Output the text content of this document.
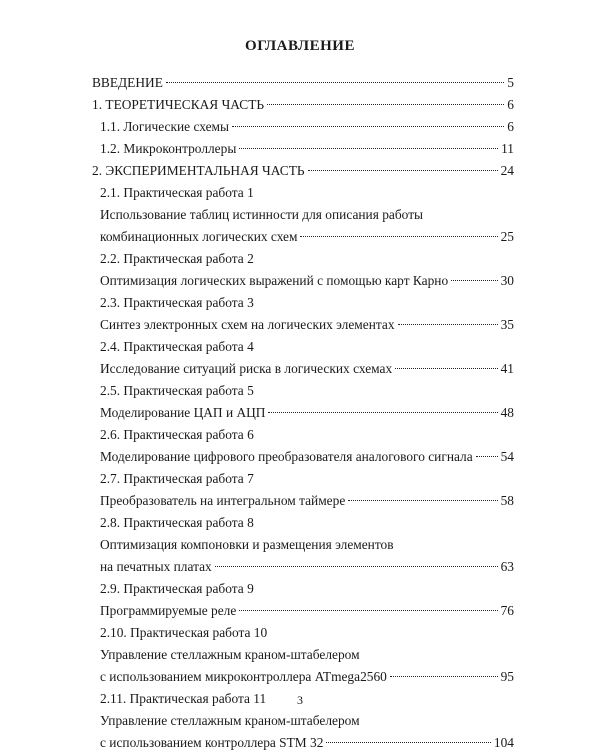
ОГЛАВЛЕНИЕ
ВВЕДЕНИЕ	5
1. ТЕОРЕТИЧЕСКАЯ ЧАСТЬ	6
1.1. Логические схемы	6
1.2. Микроконтроллеры	11
2. ЭКСПЕРИМЕНТАЛЬНАЯ ЧАСТЬ	24
2.1. Практическая работа 1
Использование таблиц истинности для описания работы
комбинационных логических схем	25
2.2. Практическая работа 2
Оптимизация логических выражений с помощью карт Карно	30
2.3. Практическая работа 3
Синтез электронных схем на логических элементах	35
2.4. Практическая работа 4
Исследование ситуаций риска в логических схемах	41
2.5. Практическая работа 5
Моделирование ЦАП и АЦП	48
2.6. Практическая работа 6
Моделирование цифрового преобразователя аналогового сигнала 54
2.7. Практическая работа 7
Преобразователь на интегральном таймере	58
2.8. Практическая работа 8
Оптимизация компоновки и размещения элементов
на печатных платах	63
2.9. Практическая работа 9
Программируемые реле	76
2.10. Практическая работа 10
Управление стеллажным краном-штабелером
с использованием микроконтроллера ATmega2560	95
2.11. Практическая работа 11
Управление стеллажным краном-штабелером
с использованием контроллера STM 32	104
3
